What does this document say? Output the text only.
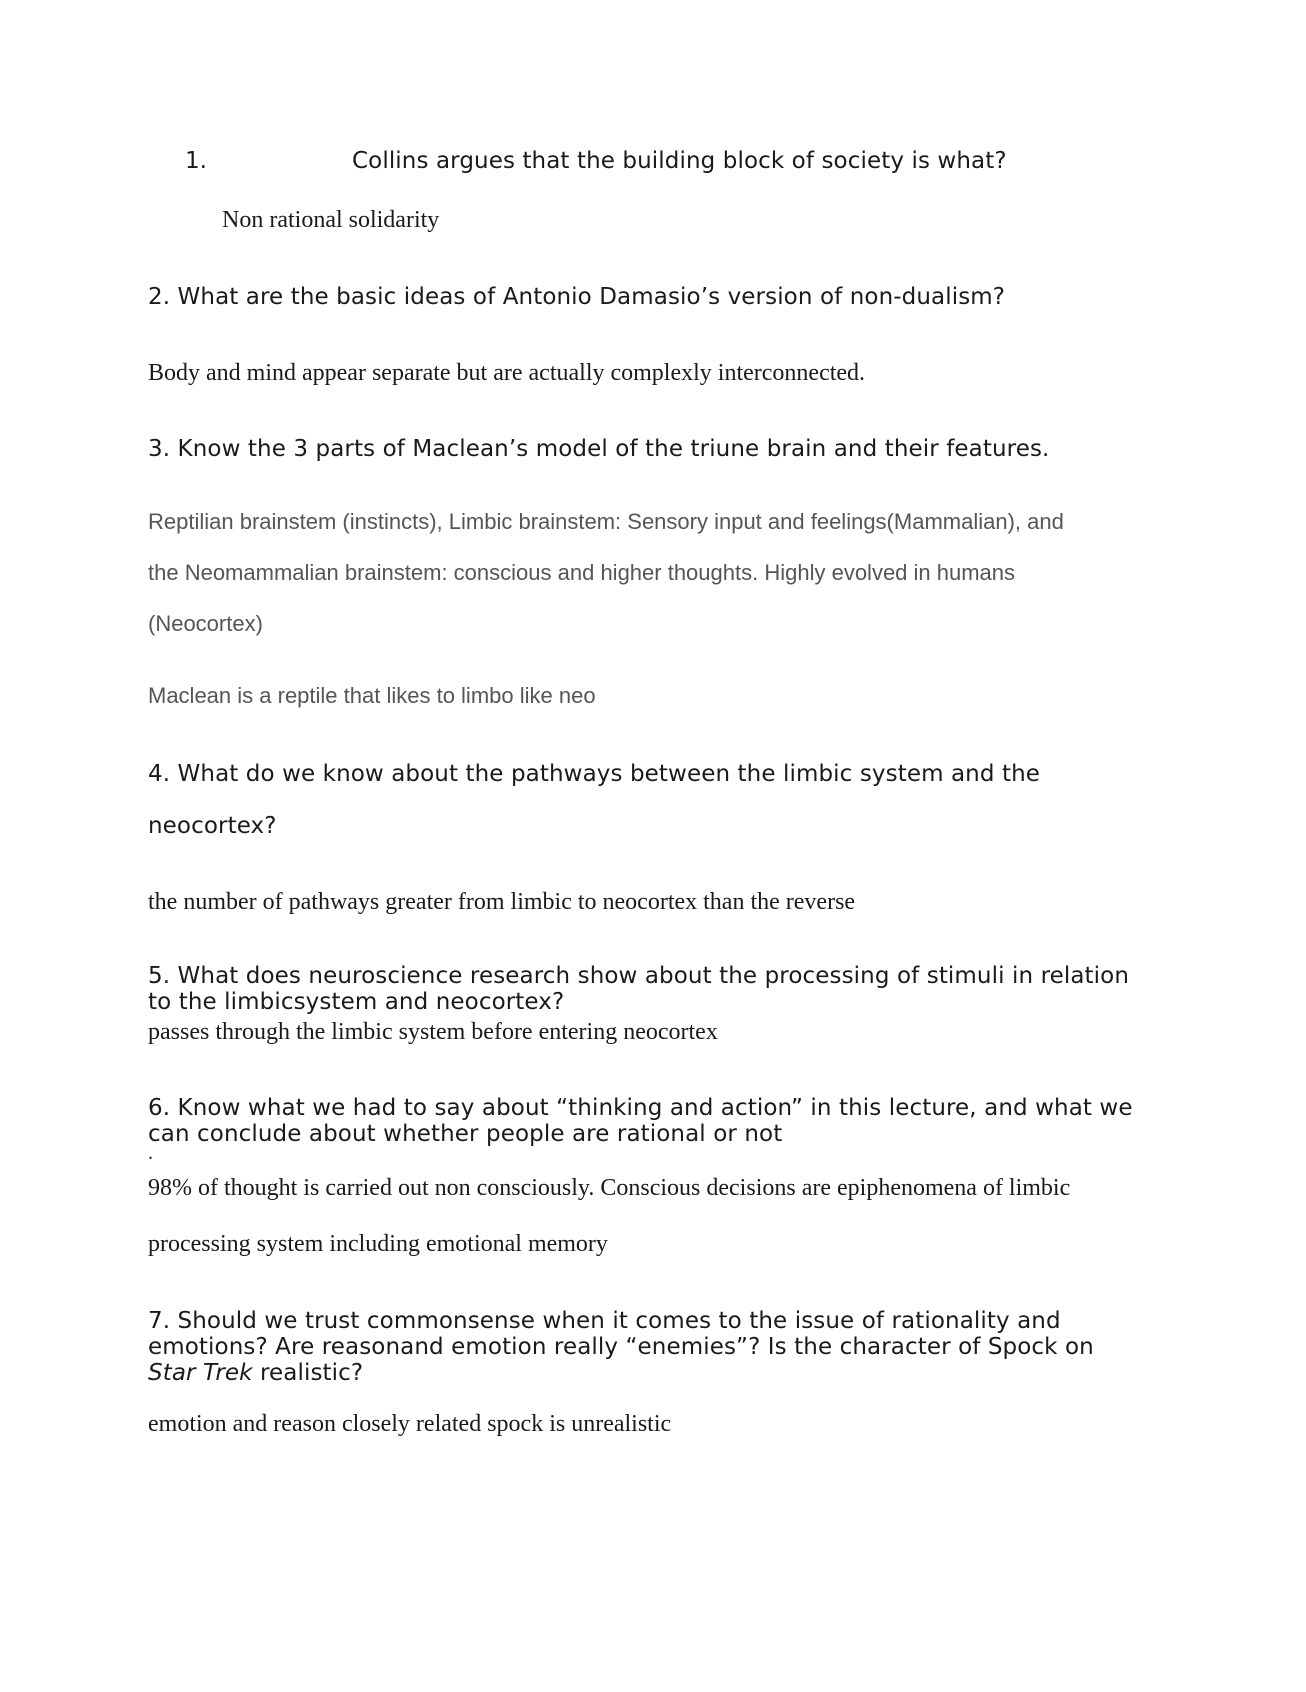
1.	Collins argues that the building block of society is what?
Non rational solidarity
2. What are the basic ideas of Antonio Damasio’s version of non-dualism?
Body and mind appear separate but are actually complexly interconnected.
3. Know the 3 parts of Maclean’s model of the triune brain and their features.
Reptilian brainstem (instincts), Limbic brainstem: Sensory input and feelings(Mammalian), and
the Neomammalian brainstem: conscious and higher thoughts. Highly evolved in humans
(Neocortex)
Maclean is a reptile that likes to limbo like neo
4. What do we know about the pathways between the limbic system and the
neocortex?
the number of pathways greater from limbic to neocortex than the reverse
5. What does neuroscience research show about the processing of stimuli in relation
to the limbicsystem and neocortex?
passes through the limbic system before entering neocortex
6. Know what we had to say about “thinking and action” in this lecture, and what we
can conclude about whether people are rational or not
.
98% of thought is carried out non consciously. Conscious decisions are epiphenomena of limbic
processing system including emotional memory
7. Should we trust commonsense when it comes to the issue of rationality and
emotions? Are reasonand emotion really “enemies”? Is the character of Spock on
Star Trek realistic?
emotion and reason closely related spock is unrealistic
